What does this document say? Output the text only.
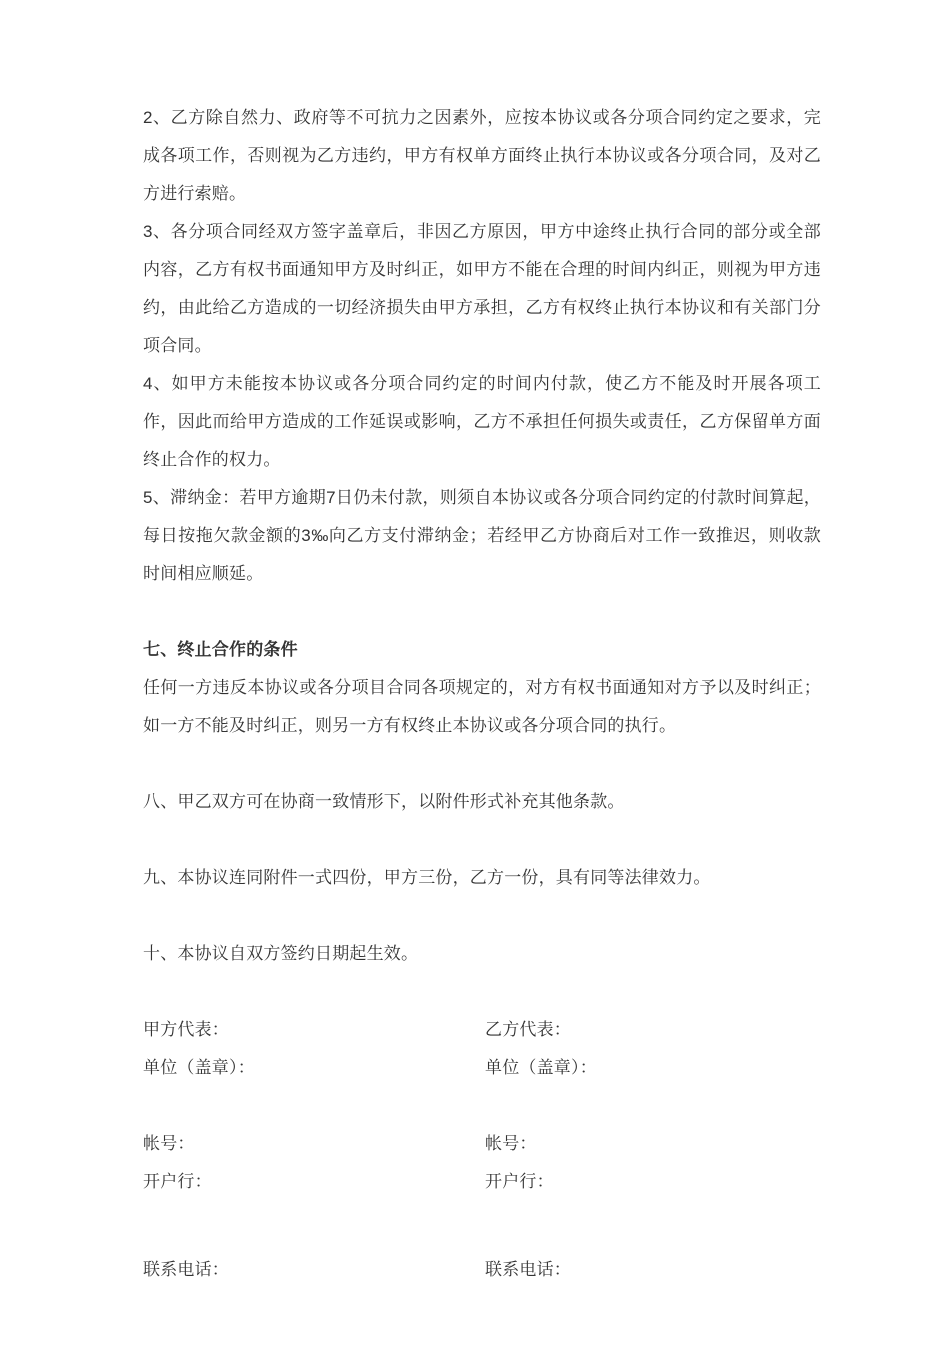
2、乙方除自然力、政府等不可抗力之因素外，应按本协议或各分项合同约定之要求，完成各项工作，否则视为乙方违约，甲方有权单方面终止执行本协议或各分项合同，及对乙方进行索赔。

3、各分项合同经双方签字盖章后，非因乙方原因，甲方中途终止执行合同的部分或全部内容，乙方有权书面通知甲方及时纠正，如甲方不能在合理的时间内纠正，则视为甲方违约，由此给乙方造成的一切经济损失由甲方承担，乙方有权终止执行本协议和有关部门分项合同。

4、如甲方未能按本协议或各分项合同约定的时间内付款，使乙方不能及时开展各项工作，因此而给甲方造成的工作延误或影响，乙方不承担任何损失或责任，乙方保留单方面终止合作的权力。

5、滞纳金：若甲方逾期7日仍未付款，则须自本协议或各分项合同约定的付款时间算起，每日按拖欠款金额的3‰向乙方支付滞纳金；若经甲乙方协商后对工作一致推迟，则收款时间相应顺延。

七、终止合作的条件

任何一方违反本协议或各分项目合同各项规定的，对方有权书面通知对方予以及时纠正；如一方不能及时纠正，则另一方有权终止本协议或各分项合同的执行。

八、甲乙双方可在协商一致情形下，以附件形式补充其他条款。

九、本协议连同附件一式四份，甲方三份，乙方一份，具有同等法律效力。

十、本协议自双方签约日期起生效。

甲方代表：	乙方代表：
单位（盖章）：	单位（盖章）：
帐号：	帐号：
开户行：	开户行：
联系电话：	联系电话：
